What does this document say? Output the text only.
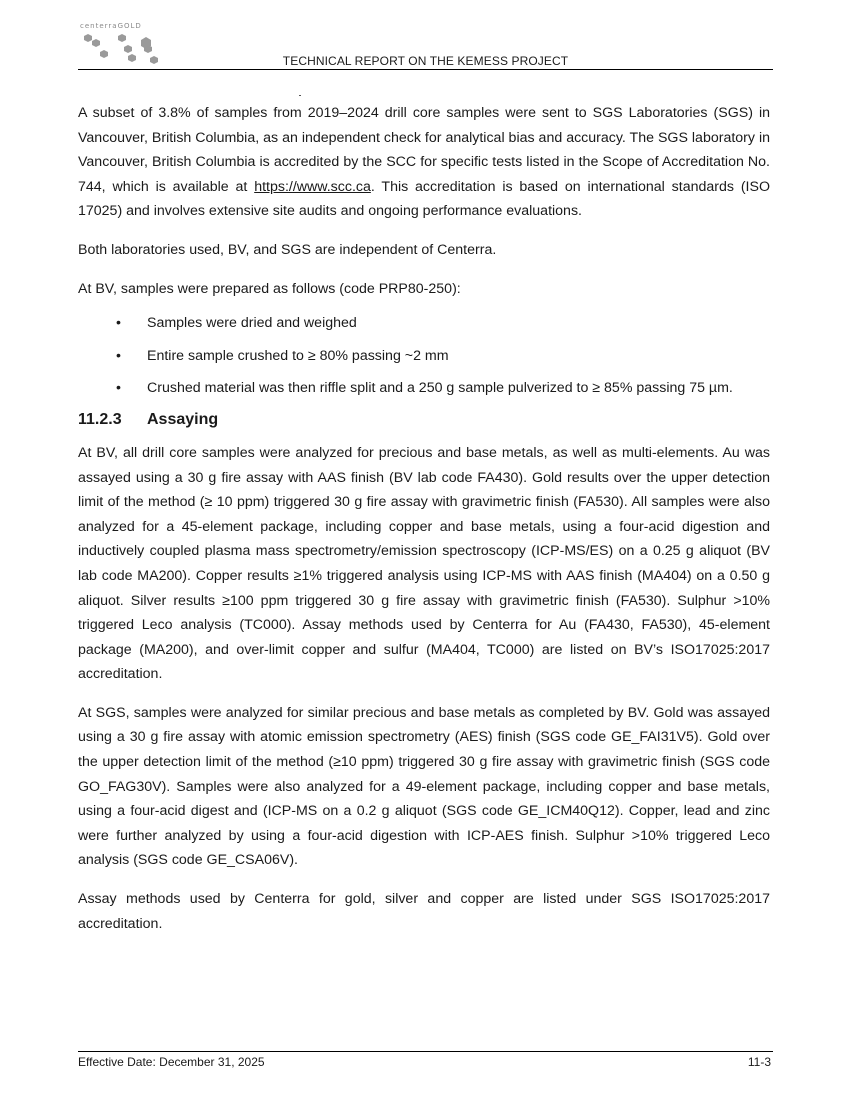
centerraGOLD
TECHNICAL REPORT ON THE KEMESS PROJECT

A subset of 3.8% of samples from 2019–2024 drill core samples were sent to SGS Laboratories (SGS) in Vancouver, British Columbia, as an independent check for analytical bias and accuracy. The SGS laboratory in Vancouver, British Columbia is accredited by the SCC for specific tests listed in the Scope of Accreditation No. 744, which is available at https://www.scc.ca. This accreditation is based on international standards (ISO 17025) and involves extensive site audits and ongoing performance evaluations.

Both laboratories used, BV, and SGS are independent of Centerra.

At BV, samples were prepared as follows (code PRP80-250):

• Samples were dried and weighed
• Entire sample crushed to ≥ 80% passing ~2 mm
• Crushed material was then riffle split and a 250 g sample pulverized to ≥ 85% passing 75 µm.
11.2.3 Assaying

At BV, all drill core samples were analyzed for precious and base metals, as well as multi-elements. Au was assayed using a 30 g fire assay with AAS finish (BV lab code FA430). Gold results over the upper detection limit of the method (≥ 10 ppm) triggered 30 g fire assay with gravimetric finish (FA530). All samples were also analyzed for a 45-element package, including copper and base metals, using a four-acid digestion and inductively coupled plasma mass spectrometry/emission spectroscopy (ICP-MS/ES) on a 0.25 g aliquot (BV lab code MA200). Copper results ≥1% triggered analysis using ICP-MS with AAS finish (MA404) on a 0.50 g aliquot. Silver results ≥100 ppm triggered 30 g fire assay with gravimetric finish (FA530). Sulphur >10% triggered Leco analysis (TC000). Assay methods used by Centerra for Au (FA430, FA530), 45-element package (MA200), and over-limit copper and sulfur (MA404, TC000) are listed on BV’s ISO17025:2017 accreditation.

At SGS, samples were analyzed for similar precious and base metals as completed by BV. Gold was assayed using a 30 g fire assay with atomic emission spectrometry (AES) finish (SGS code GE_FAI31V5). Gold over the upper detection limit of the method (≥10 ppm) triggered 30 g fire assay with gravimetric finish (SGS code GO_FAG30V). Samples were also analyzed for a 49-element package, including copper and base metals, using a four-acid digest and (ICP-MS on a 0.2 g aliquot (SGS code GE_ICM40Q12). Copper, lead and zinc were further analyzed by using a four-acid digestion with ICP-AES finish. Sulphur >10% triggered Leco analysis (SGS code GE_CSA06V).

Assay methods used by Centerra for gold, silver and copper are listed under SGS ISO17025:2017 accreditation.

Effective Date: December 31, 2025	11-3
